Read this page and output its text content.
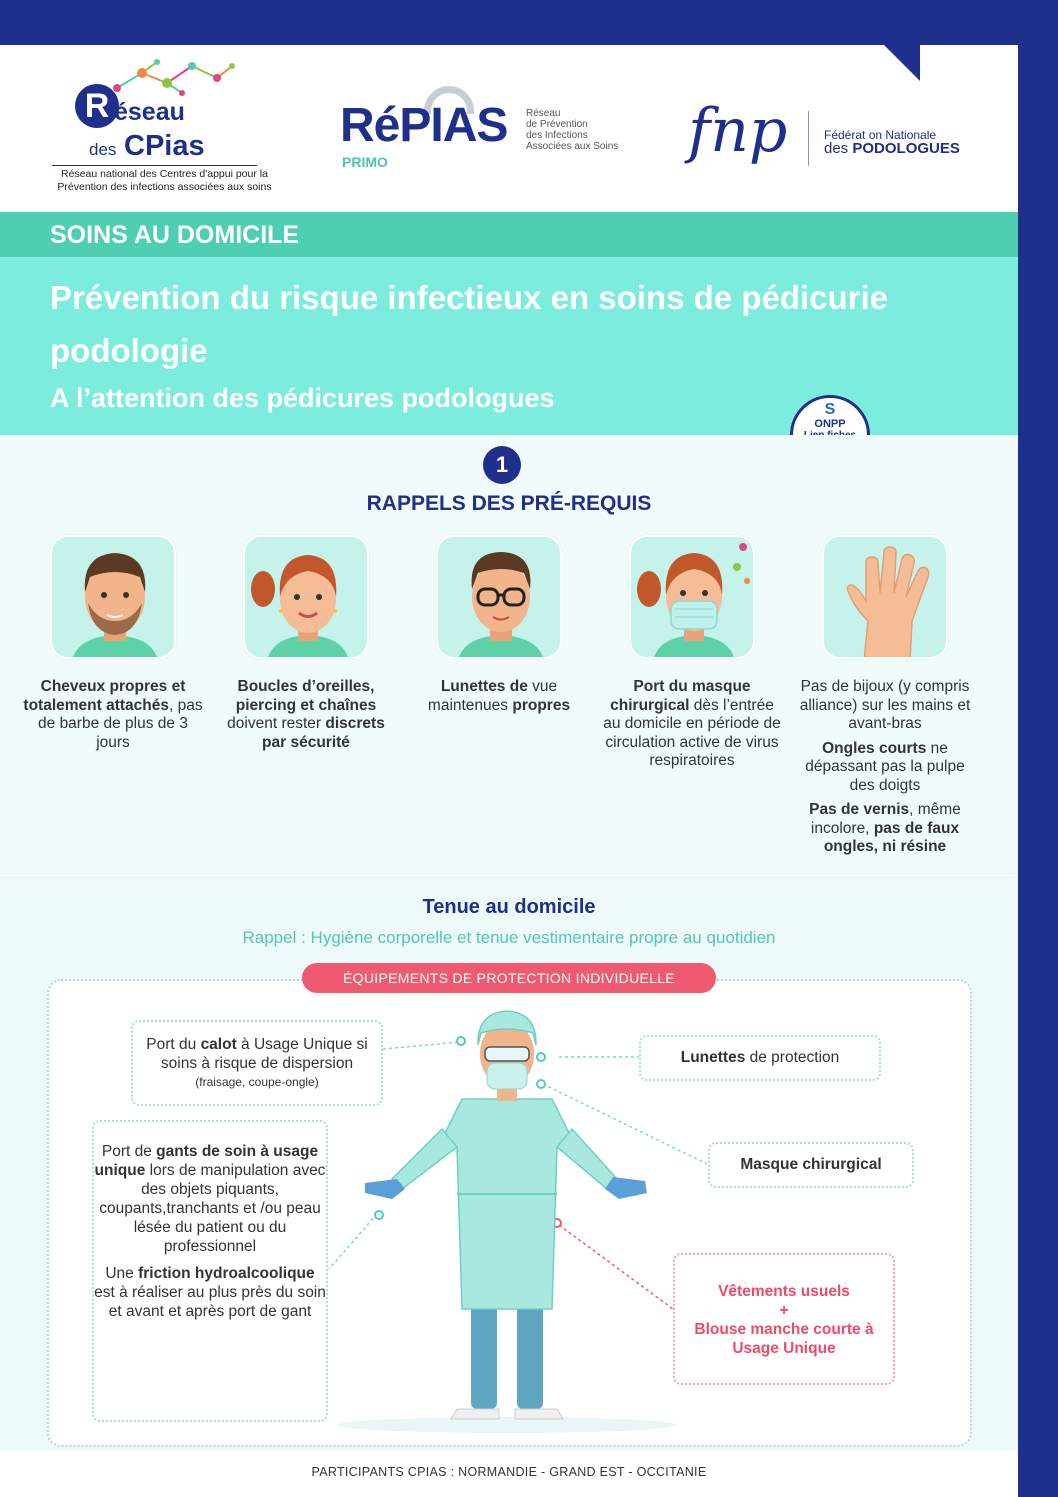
R éseau
des CPias
Réseau national des Centres d'appui pour la Prévention des infections associées aux soins
RéPIAS
PRIMO
Réseau
de Prévention
des Infections
Associées aux Soins fnp	Fédérat on Nationale
des PODOLOGUES
SOINS AU DOMICILE
Prévention du risque infectieux en soins de pédicurie podologie
A l’attention des pédicures podologues	S
ONPP
1
RAPPELS DES PRÉ-REQUIS
Cheveux propres et totalement attachés, pas de barbe de plus de 3 jours
Boucles d’oreilles, piercing et chaînes doivent rester discrets par sécurité
Lunettes de vue maintenues propres
Port du masque chirurgical dès l’entrée au domicile en période de circulation active de virus respiratoires

Pas de bijoux (y compris alliance) sur les mains et avant-bras

Ongles courts ne dépassant pas la pulpe des doigts

Pas de vernis, même incolore, pas de faux ongles, ni résine

Tenue au domicile
Rappel : Hygiène corporelle et tenue vestimentaire propre au quotidien
ÉQUIPEMENTS DE PROTECTION INDIVIDUELLE
Port du calot à Usage Unique si soins à risque de dispersion
(fraisage, coupe-ongle)
Lunettes de protection
Masque chirurgical

Port de gants de soin à usage unique lors de manipulation avec des objets piquants, coupants,tranchants et /ou peau lésée du patient ou du professionnel

Une friction hydroalcoolique est à réaliser au plus près du soin et avant et après port de gant

Vêtements usuels
+
Blouse manche courte à Usage Unique
PARTICIPANTS CPIAS : NORMANDIE - GRAND EST - OCCITANIE
